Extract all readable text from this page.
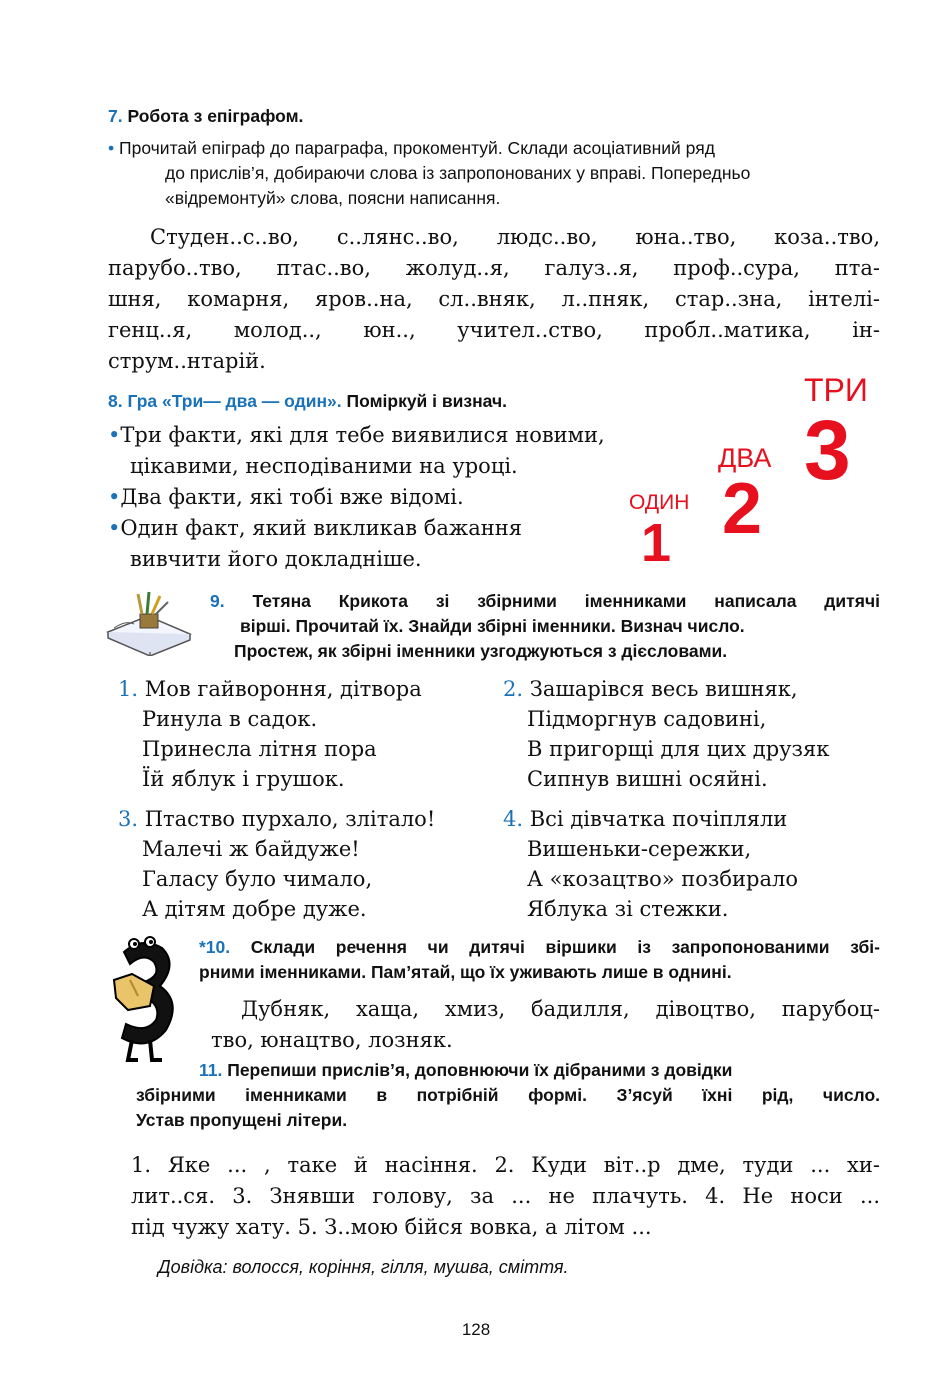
7. Робота з епіграфом.
• Прочитай епіграф до параграфа, прокоментуй. Склади асоціативний ряд
до прислів’я, добираючи слова із запропонованих у вправі. Попередньо
«відремонтуй» слова, поясни написання.
Студен..с..во, с..лянс..во, людс..во, юна..тво, коза..тво,
парубо..тво, птас..во, жолуд..я, галуз..я, проф..сура, пта-
шня, комарня, яров..на, сл..вняк, л..пняк, стар..зна, інтелі-
генц..я, молод.., юн.., учител..ство, пробл..матика, ін-
струм..нтарій.
8. Гра «Три— два — один». Поміркуй і визнач.
•Три факти, які для тебе виявилися новими,
цікавими, несподіваними на уроці.
•Два факти, які тобі вже відомі.
•Один факт, який викликав бажання
вивчити його докладніше.
ТРИ
3
ДВА
2
ОДИН
1
9. Тетяна Крикота зі збірними іменниками написала дитячі
вірші. Прочитай їх. Знайди збірні іменники. Визнач число.
Простеж, як збірні іменники узгоджуються з дієсловами.
1. Мов гайвороння, дітвора
Ринула в садок.
Принесла літня пора
Їй яблук і грушок.
2. Зашарівся весь вишняк,
Підморгнув садовині,
В пригорщі для цих друзяк
Сипнув вишні осяйні.
3. Птаство пурхало, злітало!
Малечі ж байдуже!
Галасу було чимало,
А дітям добре дуже.
4. Всі дівчатка почіпляли
Вишеньки-сережки,
А «козацтво» позбирало
Яблука зі стежки.
*10. Склади речення чи дитячі віршики із запропонованими збі-
рними іменниками. Пам’ятай, що їх уживають лише в однині.
Дубняк, хаща, хмиз, бадилля, дівоцтво, парубоц-
тво, юнацтво, лозняк.
11. Перепиши прислів’я, доповнюючи їх дібраними з довідки
збірними іменниками в потрібній формі. З’ясуй їхні рід, число.
Устав пропущені літери.
1. Яке ... , таке й насіння. 2. Куди віт..р дме, туди ... хи-
лит..ся. 3. Знявши голову, за ... не плачуть. 4. Не носи ...
під чужу хату. 5. З..мою бійся вовка, а літом ...
Довідка: волосся, коріння, гілля, мушва, сміття.
128
